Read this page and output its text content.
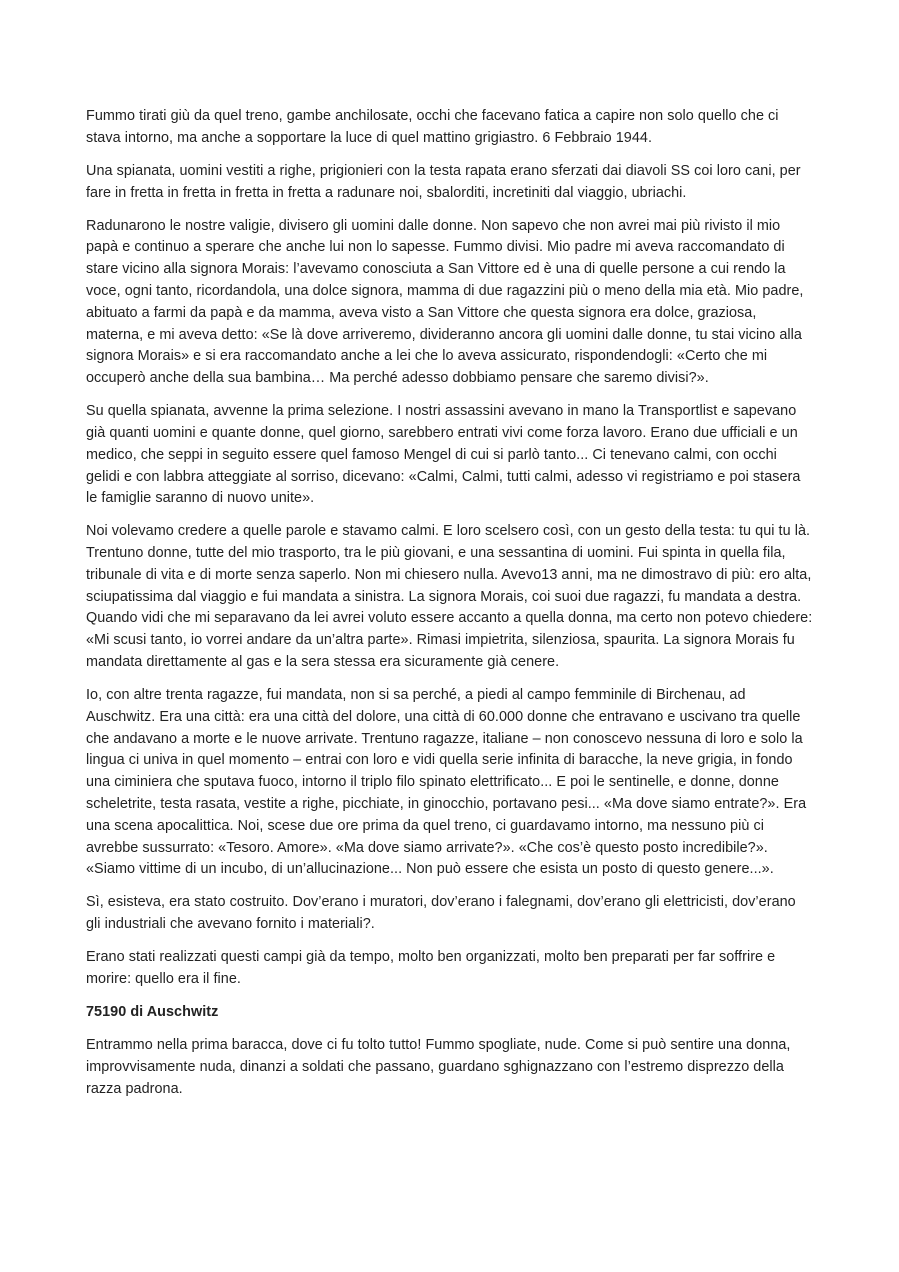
Fummo tirati giù da quel treno, gambe anchilosate, occhi che facevano fatica a capire non solo quello che ci stava intorno, ma anche a sopportare la luce di quel mattino grigiastro. 6 Febbraio 1944.

Una spianata, uomini vestiti a righe, prigionieri con la testa rapata erano sferzati dai diavoli SS coi loro cani, per fare in fretta in fretta in fretta in fretta a radunare noi, sbalorditi, incretiniti dal viaggio, ubriachi.

Radunarono le nostre valigie, divisero gli uomini dalle donne. Non sapevo che non avrei mai più rivisto il mio papà e continuo a sperare che anche lui non lo sapesse. Fummo divisi. Mio padre mi aveva raccomandato di stare vicino alla signora Morais: l’avevamo conosciuta a San Vittore ed è una di quelle persone a cui rendo la voce, ogni tanto, ricordandola, una dolce signora, mamma di due ragazzini più o meno della mia età. Mio padre, abituato a farmi da papà e da mamma, aveva visto a San Vittore che questa signora era dolce, graziosa, materna, e mi aveva detto: «Se là dove arriveremo, divideranno ancora gli uomini dalle donne, tu stai vicino alla signora Morais» e si era raccomandato anche a lei che lo aveva assicurato, rispondendogli: «Certo che mi occuperò anche della sua bambina… Ma perché adesso dobbiamo pensare che saremo divisi?».

Su quella spianata, avvenne la prima selezione. I nostri assassini avevano in mano la Transportlist e sapevano già quanti uomini e quante donne, quel giorno, sarebbero entrati vivi come forza lavoro. Erano due ufficiali e un medico, che seppi in seguito essere quel famoso Mengel di cui si parlò tanto... Ci tenevano calmi, con occhi gelidi e con labbra atteggiate al sorriso, dicevano: «Calmi, Calmi, tutti calmi, adesso vi registriamo e poi stasera le famiglie saranno di nuovo unite».

Noi volevamo credere a quelle parole e stavamo calmi. E loro scelsero così, con un gesto della testa: tu qui tu là. Trentuno donne, tutte del mio trasporto, tra le più giovani, e una sessantina di uomini. Fui spinta in quella fila, tribunale di vita e di morte senza saperlo. Non mi chiesero nulla. Avevo13 anni, ma ne dimostravo di più: ero alta, sciupatissima dal viaggio e fui mandata a sinistra. La signora Morais, coi suoi due ragazzi, fu mandata a destra. Quando vidi che mi separavano da lei avrei voluto essere accanto a quella donna, ma certo non potevo chiedere: «Mi scusi tanto, io vorrei andare da un’altra parte». Rimasi impietrita, silenziosa, spaurita. La signora Morais fu mandata direttamente al gas e la sera stessa era sicuramente già cenere.

Io, con altre trenta ragazze, fui mandata, non si sa perché, a piedi al campo femminile di Birchenau, ad Auschwitz. Era una città: era una città del dolore, una città di 60.000 donne che entravano e uscivano tra quelle che andavano a morte e le nuove arrivate. Trentuno ragazze, italiane – non conoscevo nessuna di loro e solo la lingua ci univa in quel momento – entrai con loro e vidi quella serie infinita di baracche, la neve grigia, in fondo una ciminiera che sputava fuoco, intorno il triplo filo spinato elettrificato... E poi le sentinelle, e donne, donne scheletrite, testa rasata, vestite a righe, picchiate, in ginocchio, portavano pesi... «Ma dove siamo entrate?». Era una scena apocalittica. Noi, scese due ore prima da quel treno, ci guardavamo intorno, ma nessuno più ci avrebbe sussurrato: «Tesoro. Amore». «Ma dove siamo arrivate?». «Che cos’è questo posto incredibile?». «Siamo vittime di un incubo, di un’allucinazione... Non può essere che esista un posto di questo genere...».

Sì, esisteva, era stato costruito. Dov’erano i muratori, dov’erano i falegnami, dov’erano gli elettricisti, dov’erano gli industriali che avevano fornito i materiali?.

Erano stati realizzati questi campi già da tempo, molto ben organizzati, molto ben preparati per far soffrire e morire: quello era il fine.

75190 di Auschwitz

Entrammo nella prima baracca, dove ci fu tolto tutto! Fummo spogliate, nude. Come si può sentire una donna, improvvisamente nuda, dinanzi a soldati che passano, guardano sghignazzano con l’estremo disprezzo della razza padrona.
